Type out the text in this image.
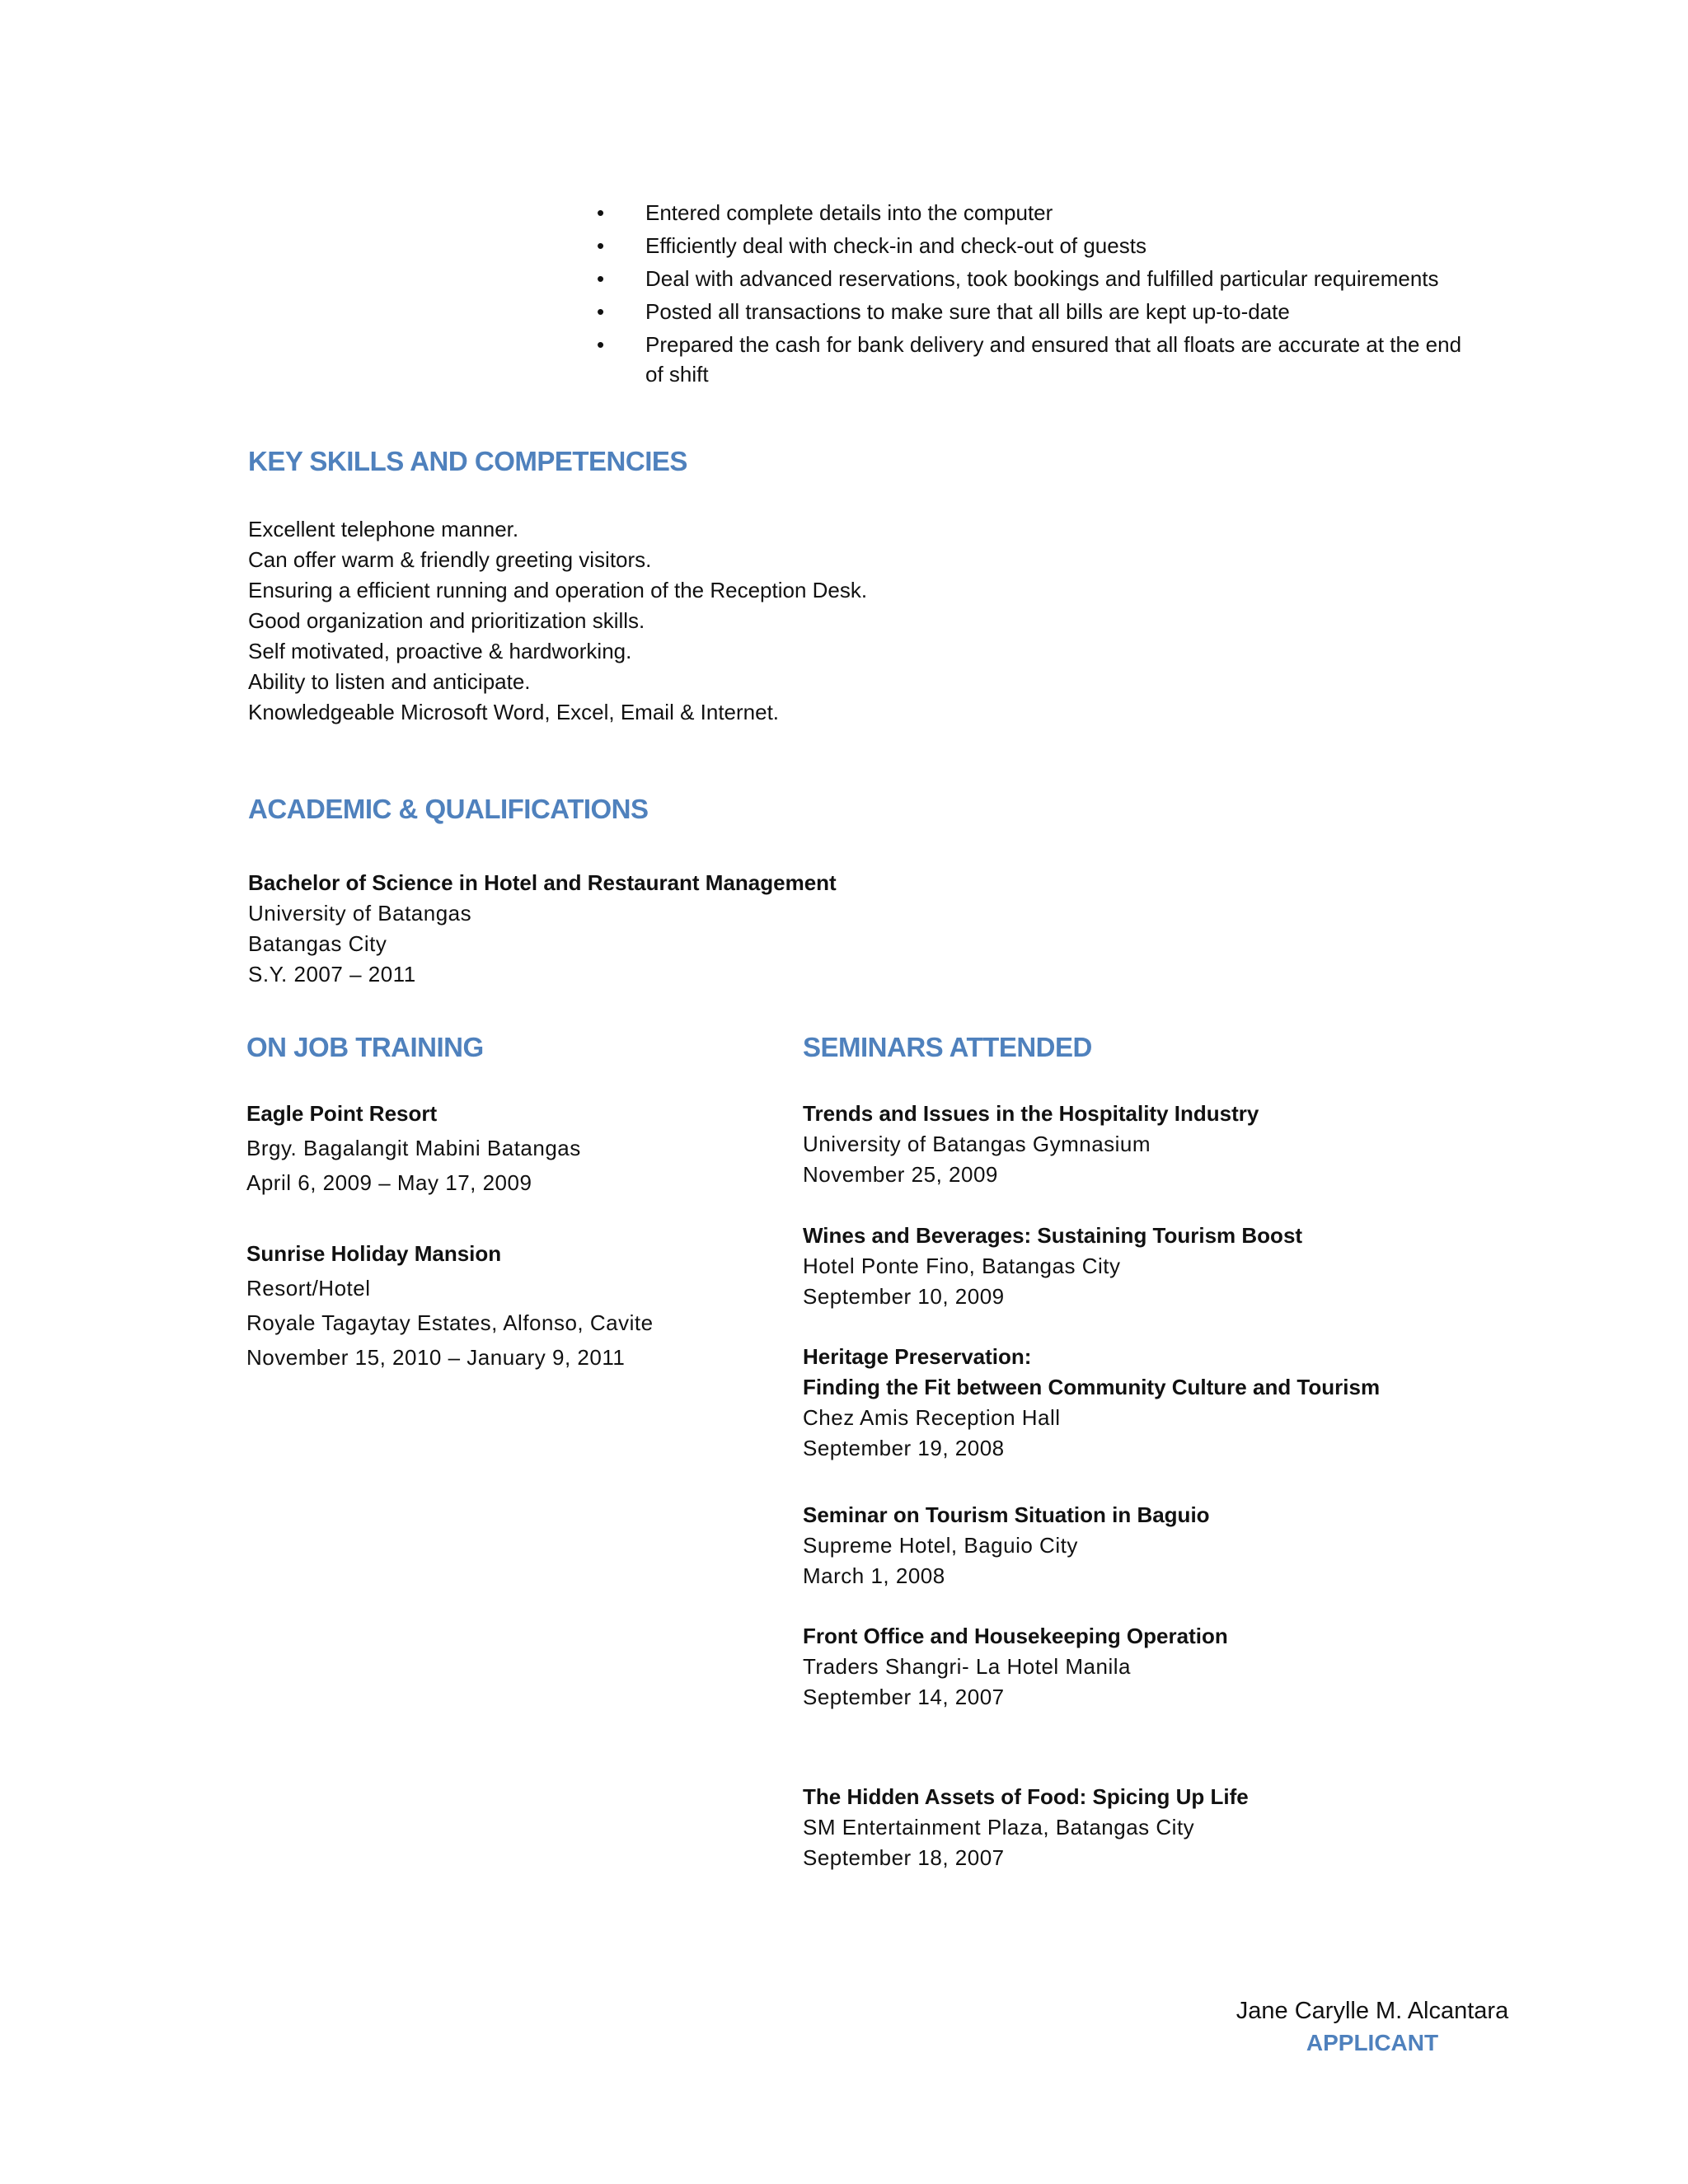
• Entered complete details into the computer
• Efficiently deal with check-in and check-out of guests
• Deal with advanced reservations, took bookings and fulfilled particular requirements
• Posted all transactions to make sure that all bills are kept up-to-date
• Prepared the cash for bank delivery and ensured that all floats are accurate at the end of shift
KEY SKILLS AND COMPETENCIES
Excellent telephone manner.
Can offer warm & friendly greeting visitors.
Ensuring a efficient running and operation of the Reception Desk.
Good organization and prioritization skills.
Self motivated, proactive & hardworking.
Ability to listen and anticipate.
Knowledgeable Microsoft Word, Excel, Email & Internet.
ACADEMIC & QUALIFICATIONS
Bachelor of Science in Hotel and Restaurant Management
University of Batangas
Batangas City
S.Y. 2007 – 2011
ON JOB TRAINING
Eagle Point Resort
Brgy. Bagalangit Mabini Batangas
April 6, 2009 – May 17, 2009
Sunrise Holiday Mansion
Resort/Hotel
Royale Tagaytay Estates, Alfonso, Cavite
November 15, 2010 – January 9, 2011
SEMINARS ATTENDED
Trends and Issues in the Hospitality Industry
University of Batangas Gymnasium
November 25, 2009
Wines and Beverages: Sustaining Tourism Boost
Hotel Ponte Fino, Batangas City
September 10, 2009
Heritage Preservation:
Finding the Fit between Community Culture and Tourism
Chez Amis Reception Hall
September 19, 2008
Seminar on Tourism Situation in Baguio
Supreme Hotel, Baguio City
March 1, 2008
Front Office and Housekeeping Operation
Traders Shangri- La Hotel Manila
September 14, 2007
The Hidden Assets of Food: Spicing Up Life
SM Entertainment Plaza, Batangas City
September 18, 2007
Jane Carylle M. Alcantara
APPLICANT
